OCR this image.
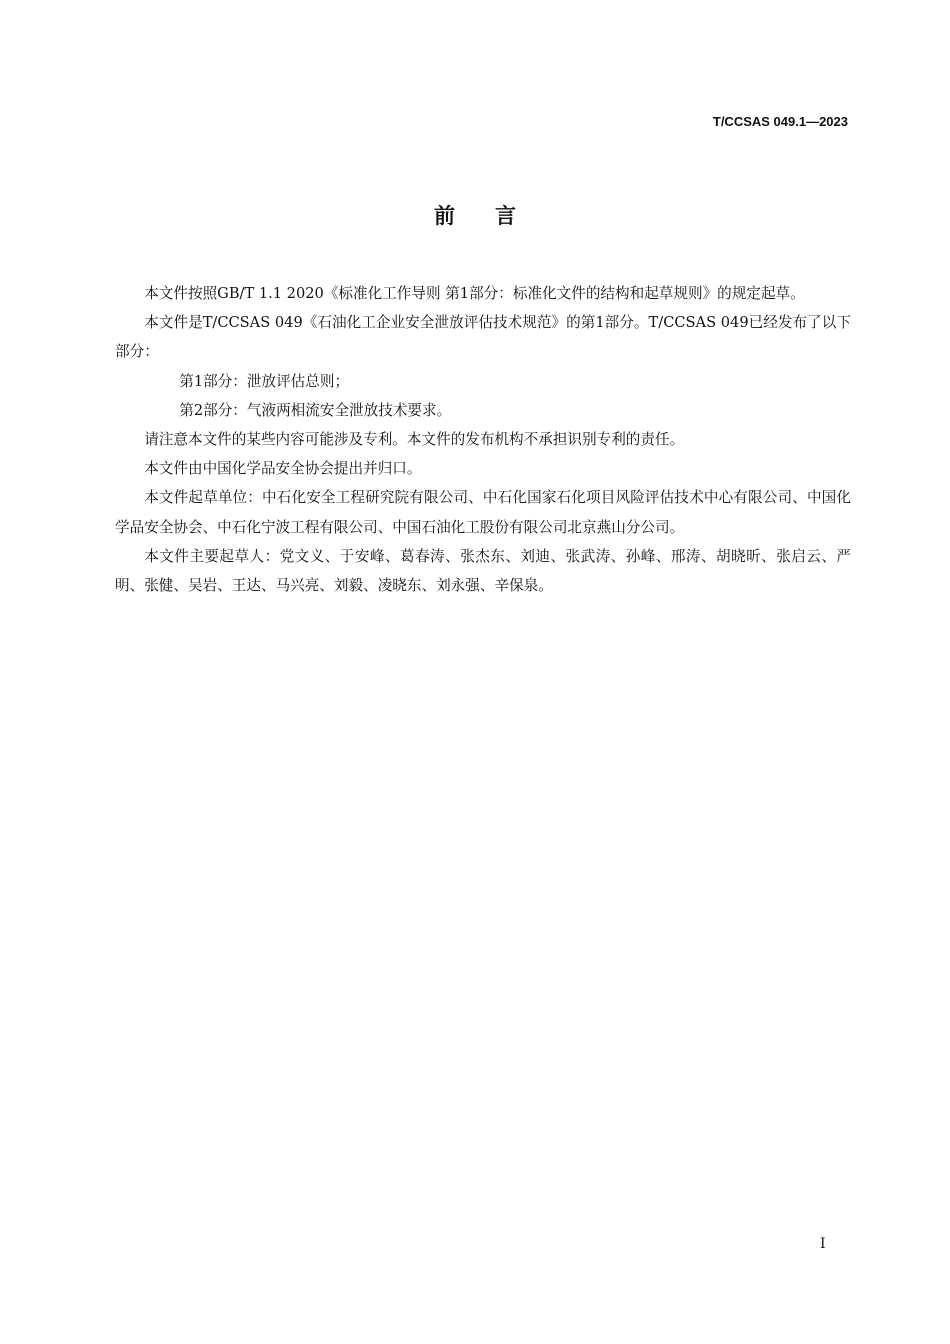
T/CCSAS 049.1—2023
前言

本文件按照GB/T 1.1 2020《标准化工作导则 第1部分：标准化文件的结构和起草规则》的规定起草。

本文件是T/CCSAS 049《石油化工企业安全泄放评估技术规范》的第1部分。T/CCSAS 049已经发布了以下部分：

第1部分：泄放评估总则；

第2部分：气液两相流安全泄放技术要求。

请注意本文件的某些内容可能涉及专利。本文件的发布机构不承担识别专利的责任。

本文件由中国化学品安全协会提出并归口。

本文件起草单位：中石化安全工程研究院有限公司、中石化国家石化项目风险评估技术中心有限公司、中国化学品安全协会、中石化宁波工程有限公司、中国石油化工股份有限公司北京燕山分公司。

本文件主要起草人：党文义、于安峰、葛春涛、张杰东、刘迪、张武涛、孙峰、邢涛、胡晓昕、张启云、严明、张健、吴岩、王达、马兴亮、刘毅、凌晓东、刘永强、辛保泉。

I
